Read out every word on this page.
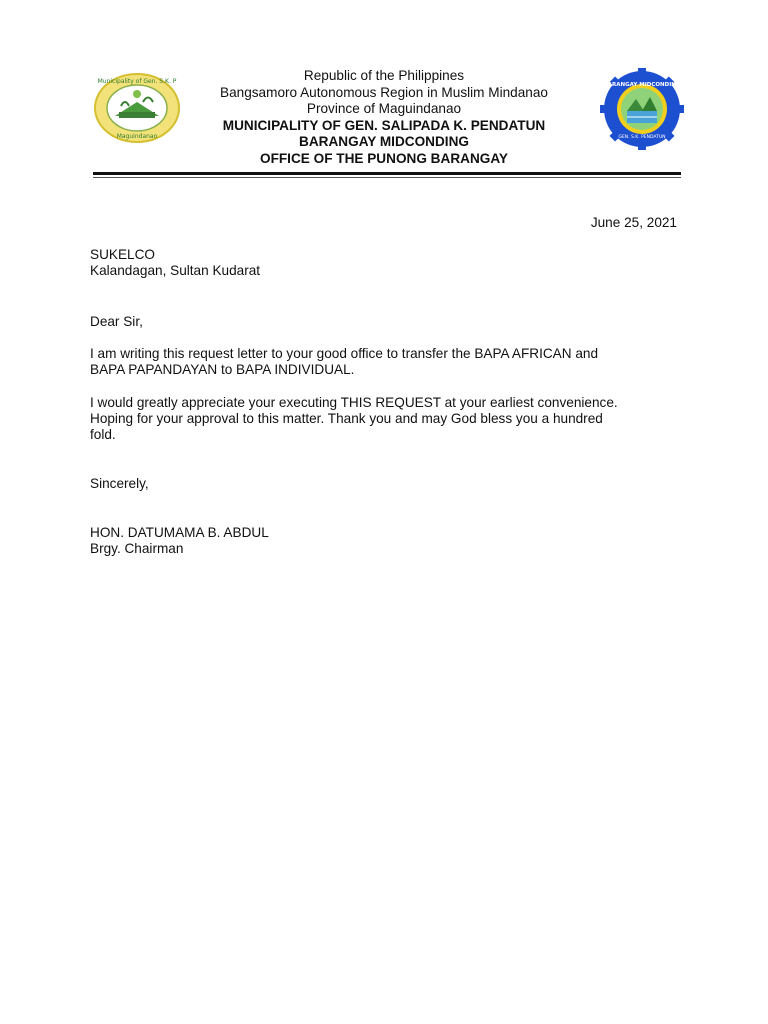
Municipality of Gen. S.K. P
Maguindanao
Republic of the Philippines
Bangsamoro Autonomous Region in Muslim Mindanao
Province of Maguindanao
MUNICIPALITY OF GEN. SALIPADA K. PENDATUN
BARANGAY MIDCONDING
OFFICE OF THE PUNONG BARANGAY
BARANGAY MIDCONDING
GEN. S.K. PENDATUN
June 25, 2021
SUKELCO
Kalandagan, Sultan Kudarat
Dear Sir,
I am writing this request letter to your good office to transfer the BAPA AFRICAN and
BAPA PAPANDAYAN to BAPA INDIVIDUAL.
I would greatly appreciate your executing THIS REQUEST at your earliest convenience.
Hoping for your approval to this matter. Thank you and may God bless you a hundred
fold.
Sincerely,
HON. DATUMAMA B. ABDUL
Brgy. Chairman
